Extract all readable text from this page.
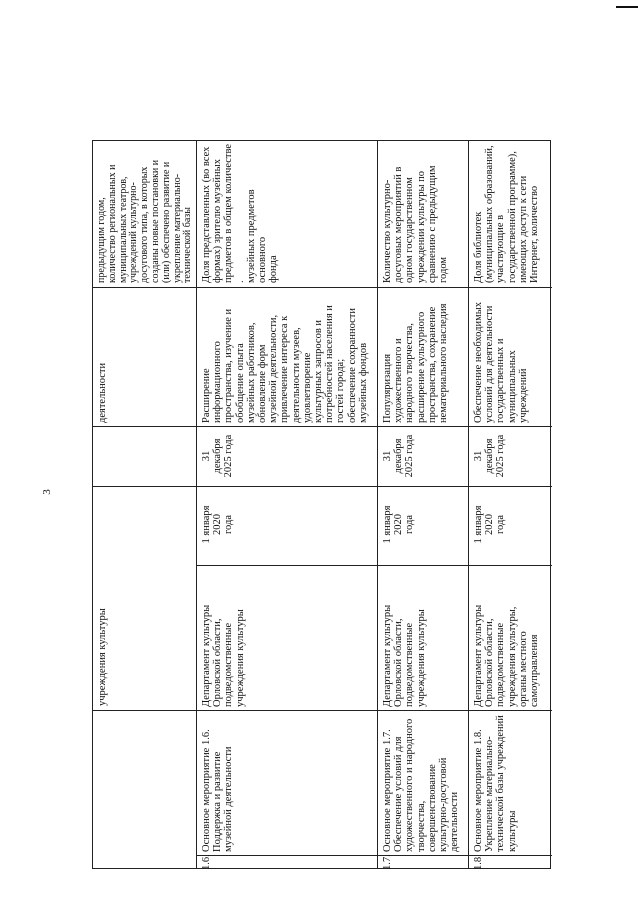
3
учреждения культуры
деятельности
предыдущим годом,
количество региональных и
муниципальных театров,
учреждений культурно-
досугового типа, в которых
созданы новые постановки и
(или) обеспечено развитие и
укрепление материально-
технической базы
1.6.
Основное мероприятие 1.6.
Поддержка и развитие
музейной деятельности
Департамент культуры
Орловской области,
подведомственные
учреждения культуры
1 января
2020
года
31
декабря
2025 года
Расширение
информационного
пространства, изучение и
обобщение опыта
музейных работников,
обновление форм
музейной деятельности,
привлечение интереса к
деятельности музеев,
удовлетворение
культурных запросов и
потребностей населения и
гостей города;
обеспечение сохранности
музейных фондов
Доля представленных (во всех
формах) зрителю музейных
предметов в общем количестве .
музейных предметов основного
фонда
1.7.
Основное мероприятие 1.7.
Обеспечение условий для
художественного и народного
творчества, совершенствование
культурно-досуговой
деятельности
Департамент культуры
Орловской области,
подведомственные
учреждения культуры
1 января
2020
года
31
декабря
2025 года
Популяризация
художественного и
народного творчества,
расширение культурного
пространства, сохранение
нематериального наследия
Количество культурно-
досуговых мероприятий в
одном государственном
учреждении культуры по
сравнению с предыдущим
годом
1.8.
Основное мероприятие 1.8.
Укрепление материально-
технической базы учреждений
культуры
Департамент культуры
Орловской области,
подведомственные
учреждения культуры,
органы местного
самоуправления
1 января
2020
года
31
декабря
2025 года
Обеспечение необходимых
условий для деятельности
государственных и
муниципальных
учреждений
Доля библиотек
(муниципальных образований,
участвующие в
государственной программе),
имеющих доступ к сети
Интернет, количество
